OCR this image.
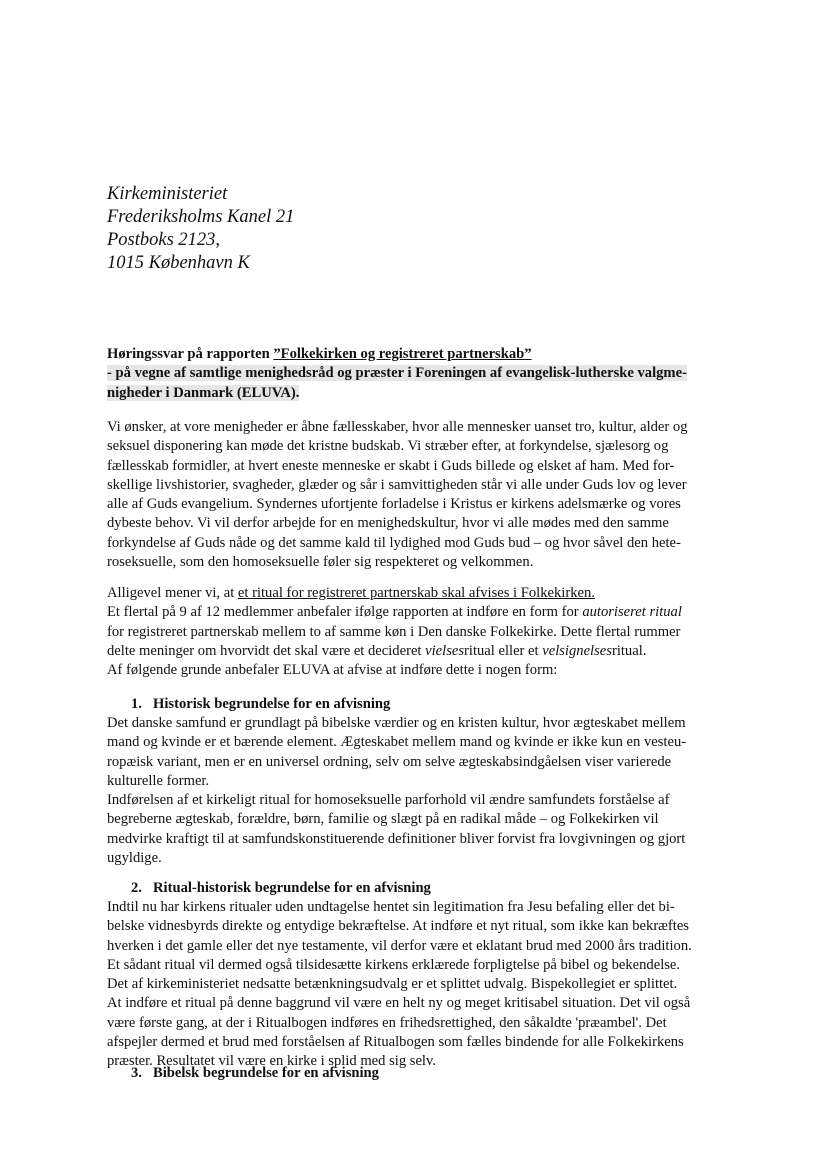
Kirkeministeriet
Frederiksholms Kanel 21
Postboks 2123,
1015 København K
Høringssvar på rapporten ”Folkekirken og registreret partnerskab”
- på vegne af samtlige menighedsråd og præster i Foreningen af evangelisk-lutherske valgme-
nigheder i Danmark (ELUVA).
Vi ønsker, at vore menigheder er åbne fællesskaber, hvor alle mennesker uanset tro, kultur, alder og
seksuel disponering kan møde det kristne budskab. Vi stræber efter, at forkyndelse, sjælesorg og
fællesskab formidler, at hvert eneste menneske er skabt i Guds billede og elsket af ham. Med for-
skellige livshistorier, svagheder, glæder og sår i samvittigheden står vi alle under Guds lov og lever
alle af Guds evangelium. Syndernes ufortjente forladelse i Kristus er kirkens adelsmærke og vores
dybeste behov. Vi vil derfor arbejde for en menighedskultur, hvor vi alle mødes med den samme
forkyndelse af Guds nåde og det samme kald til lydighed mod Guds bud – og hvor såvel den hete-
roseksuelle, som den homoseksuelle føler sig respekteret og velkommen.
Alligevel mener vi, at et ritual for registreret partnerskab skal afvises i Folkekirken.
Et flertal på 9 af 12 medlemmer anbefaler ifølge rapporten at indføre en form for autoriseret ritual
for registreret partnerskab mellem to af samme køn i Den danske Folkekirke. Dette flertal rummer
delte meninger om hvorvidt det skal være et decideret vielsesritual eller et velsignelsesritual.
Af følgende grunde anbefaler ELUVA at afvise at indføre dette i nogen form:
1. Historisk begrundelse for en afvisning
Det danske samfund er grundlagt på bibelske værdier og en kristen kultur, hvor ægteskabet mellem
mand og kvinde er et bærende element. Ægteskabet mellem mand og kvinde er ikke kun en vesteu-
ropæisk variant, men er en universel ordning, selv om selve ægteskabsindgåelsen viser varierede
kulturelle former.
Indførelsen af et kirkeligt ritual for homoseksuelle parforhold vil ændre samfundets forståelse af
begreberne ægteskab, forældre, børn, familie og slægt på en radikal måde – og Folkekirken vil
medvirke kraftigt til at samfundskonstituerende definitioner bliver forvist fra lovgivningen og gjort
ugyldige.
2. Ritual-historisk begrundelse for en afvisning
Indtil nu har kirkens ritualer uden undtagelse hentet sin legitimation fra Jesu befaling eller det bi-
belske vidnesbyrds direkte og entydige bekræftelse. At indføre et nyt ritual, som ikke kan bekræftes
hverken i det gamle eller det nye testamente, vil derfor være et eklatant brud med 2000 års tradition.
Et sådant ritual vil dermed også tilsidesætte kirkens erklærede forpligtelse på bibel og bekendelse.
Det af kirkeministeriet nedsatte betænkningsudvalg er et splittet udvalg. Bispekollegiet er splittet.
At indføre et ritual på denne baggrund vil være en helt ny og meget kritisabel situation. Det vil også
være første gang, at der i Ritualbogen indføres en frihedsrettighed, den såkaldte 'præambel'. Det
afspejler dermed et brud med forståelsen af Ritualbogen som fælles bindende for alle Folkekirkens
præster. Resultatet vil være en kirke i splid med sig selv.
3. Bibelsk begrundelse for en afvisning
